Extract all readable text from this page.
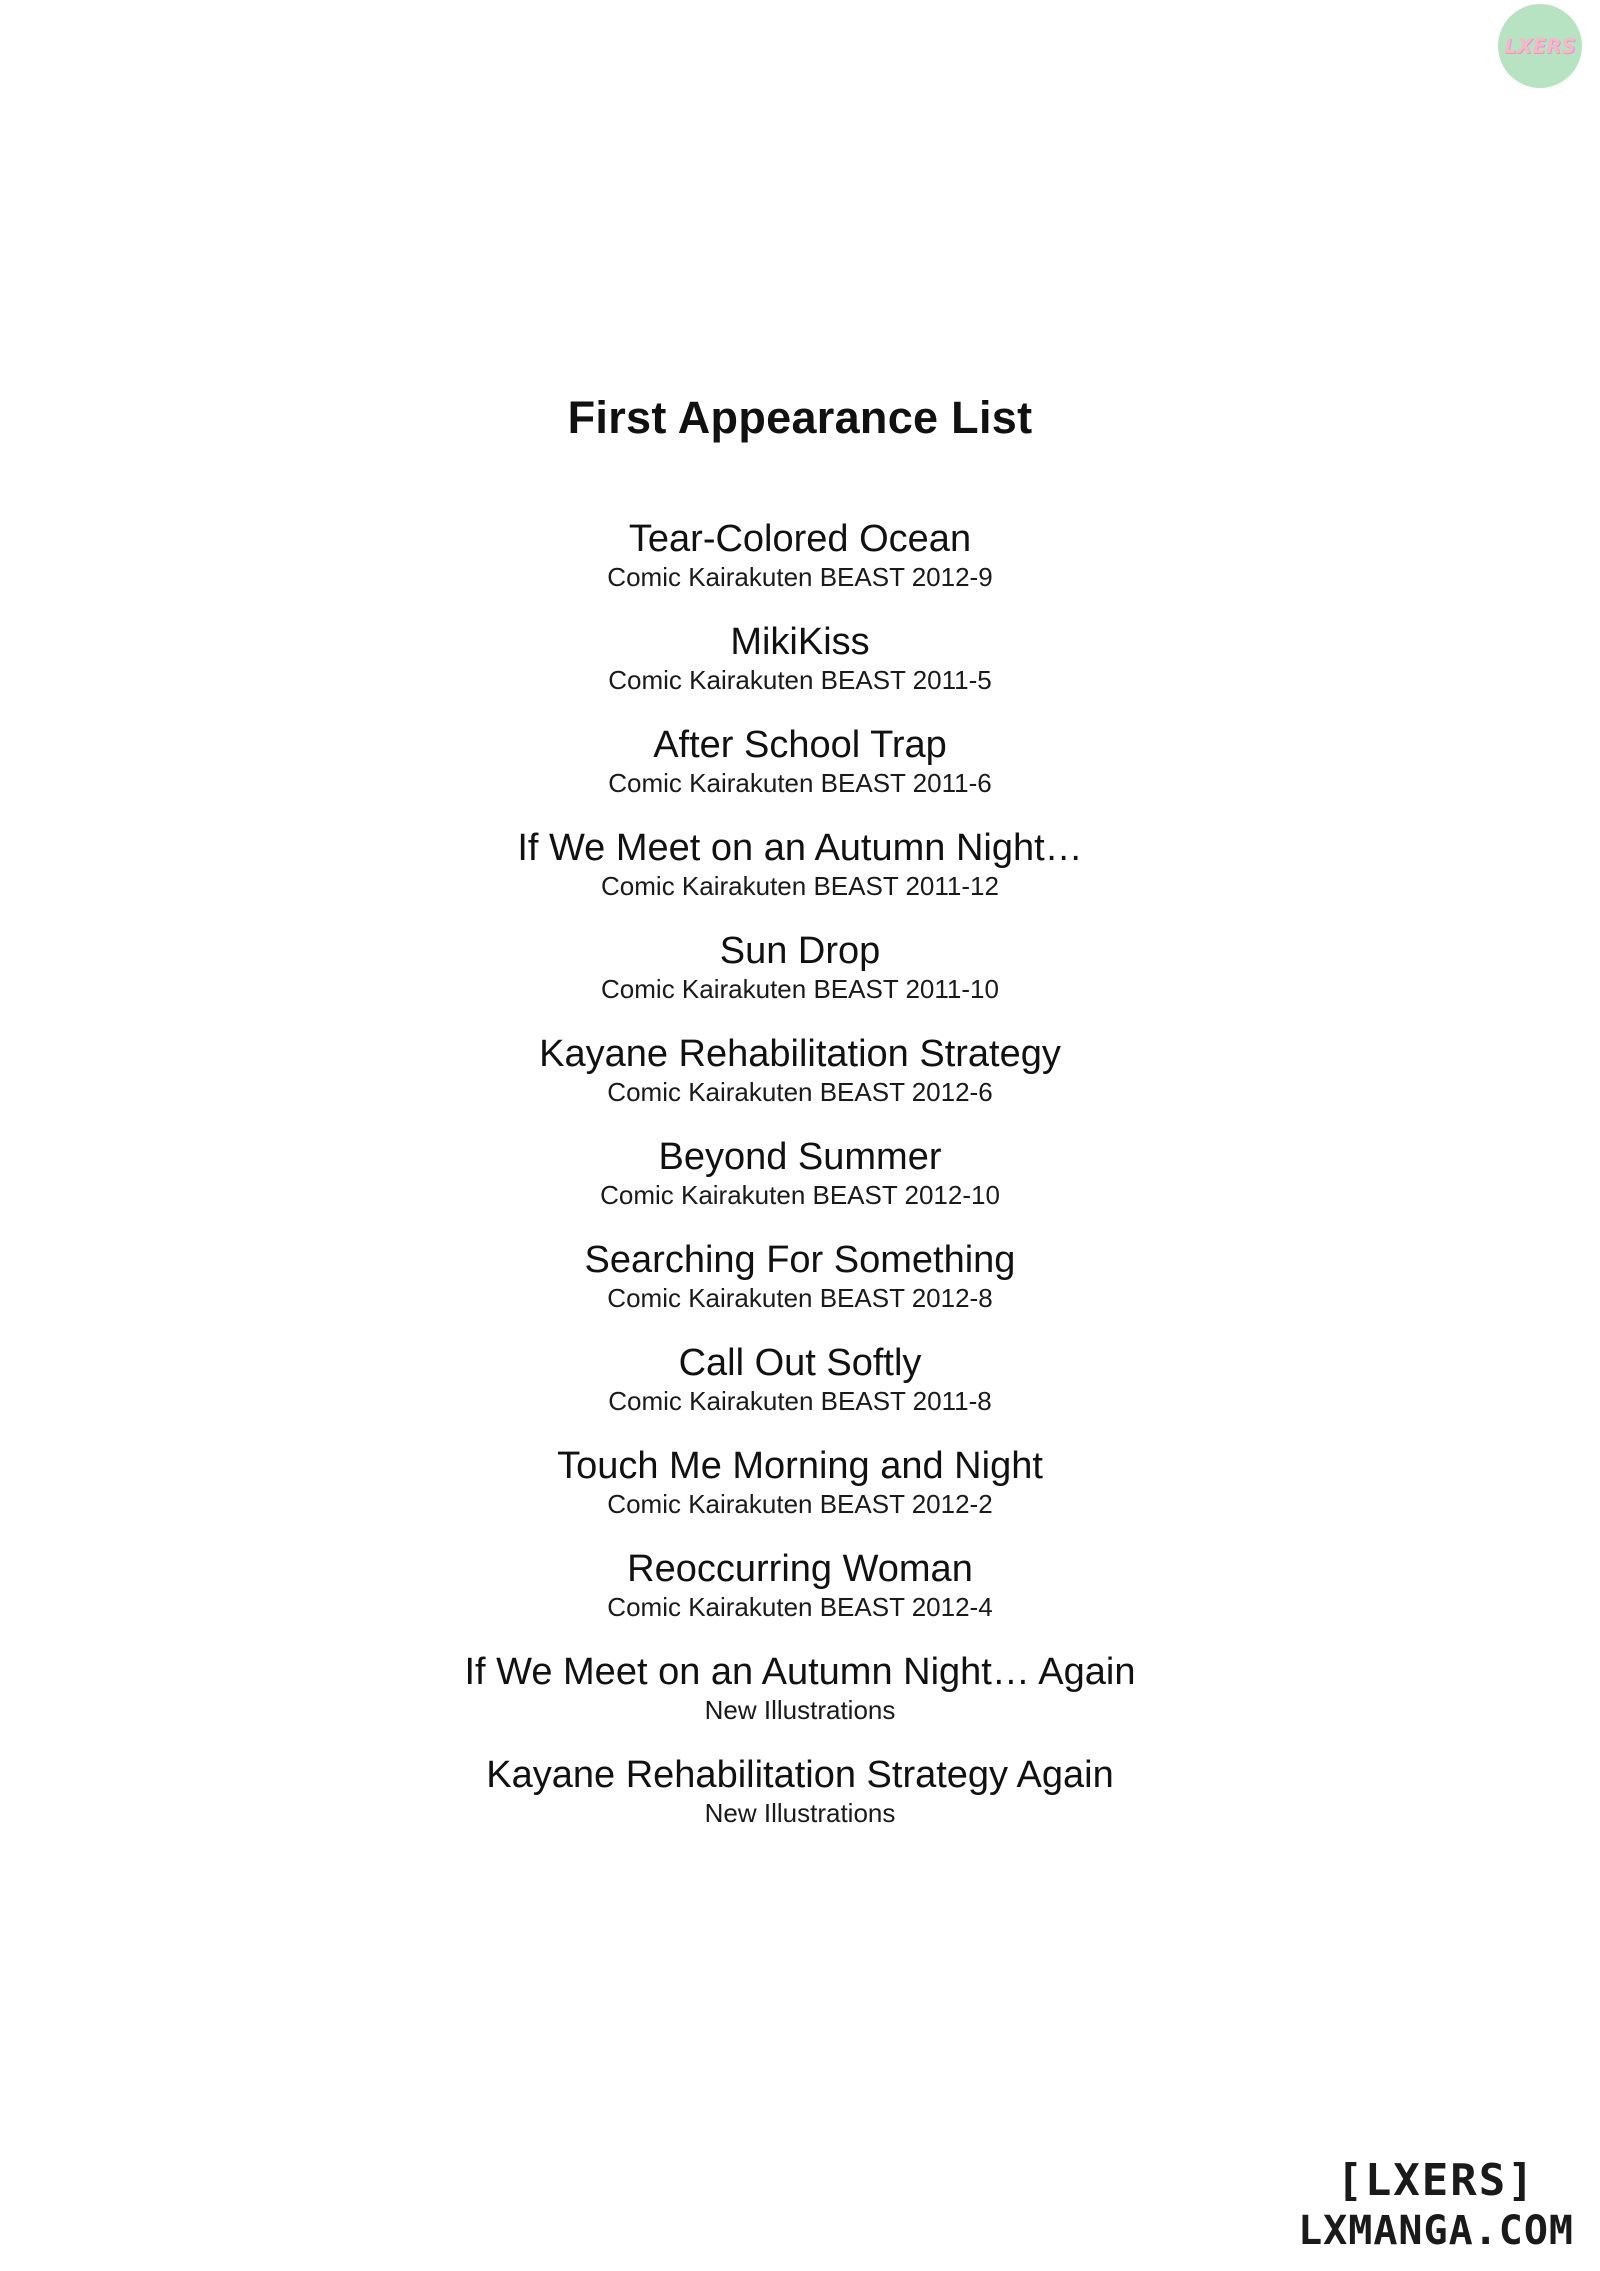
LXERS
First Appearance List
Tear-Colored Ocean
Comic Kairakuten BEAST 2012-9
MikiKiss
Comic Kairakuten BEAST 2011-5
After School Trap
Comic Kairakuten BEAST 2011-6
If We Meet on an Autumn Night…
Comic Kairakuten BEAST 2011-12
Sun Drop
Comic Kairakuten BEAST 2011-10
Kayane Rehabilitation Strategy
Comic Kairakuten BEAST 2012-6
Beyond Summer
Comic Kairakuten BEAST 2012-10
Searching For Something
Comic Kairakuten BEAST 2012-8
Call Out Softly
Comic Kairakuten BEAST 2011-8
Touch Me Morning and Night
Comic Kairakuten BEAST 2012-2
Reoccurring Woman
Comic Kairakuten BEAST 2012-4
If We Meet on an Autumn Night… Again
New Illustrations
Kayane Rehabilitation Strategy Again
New Illustrations
[LXERS]
LXMANGA.COM
